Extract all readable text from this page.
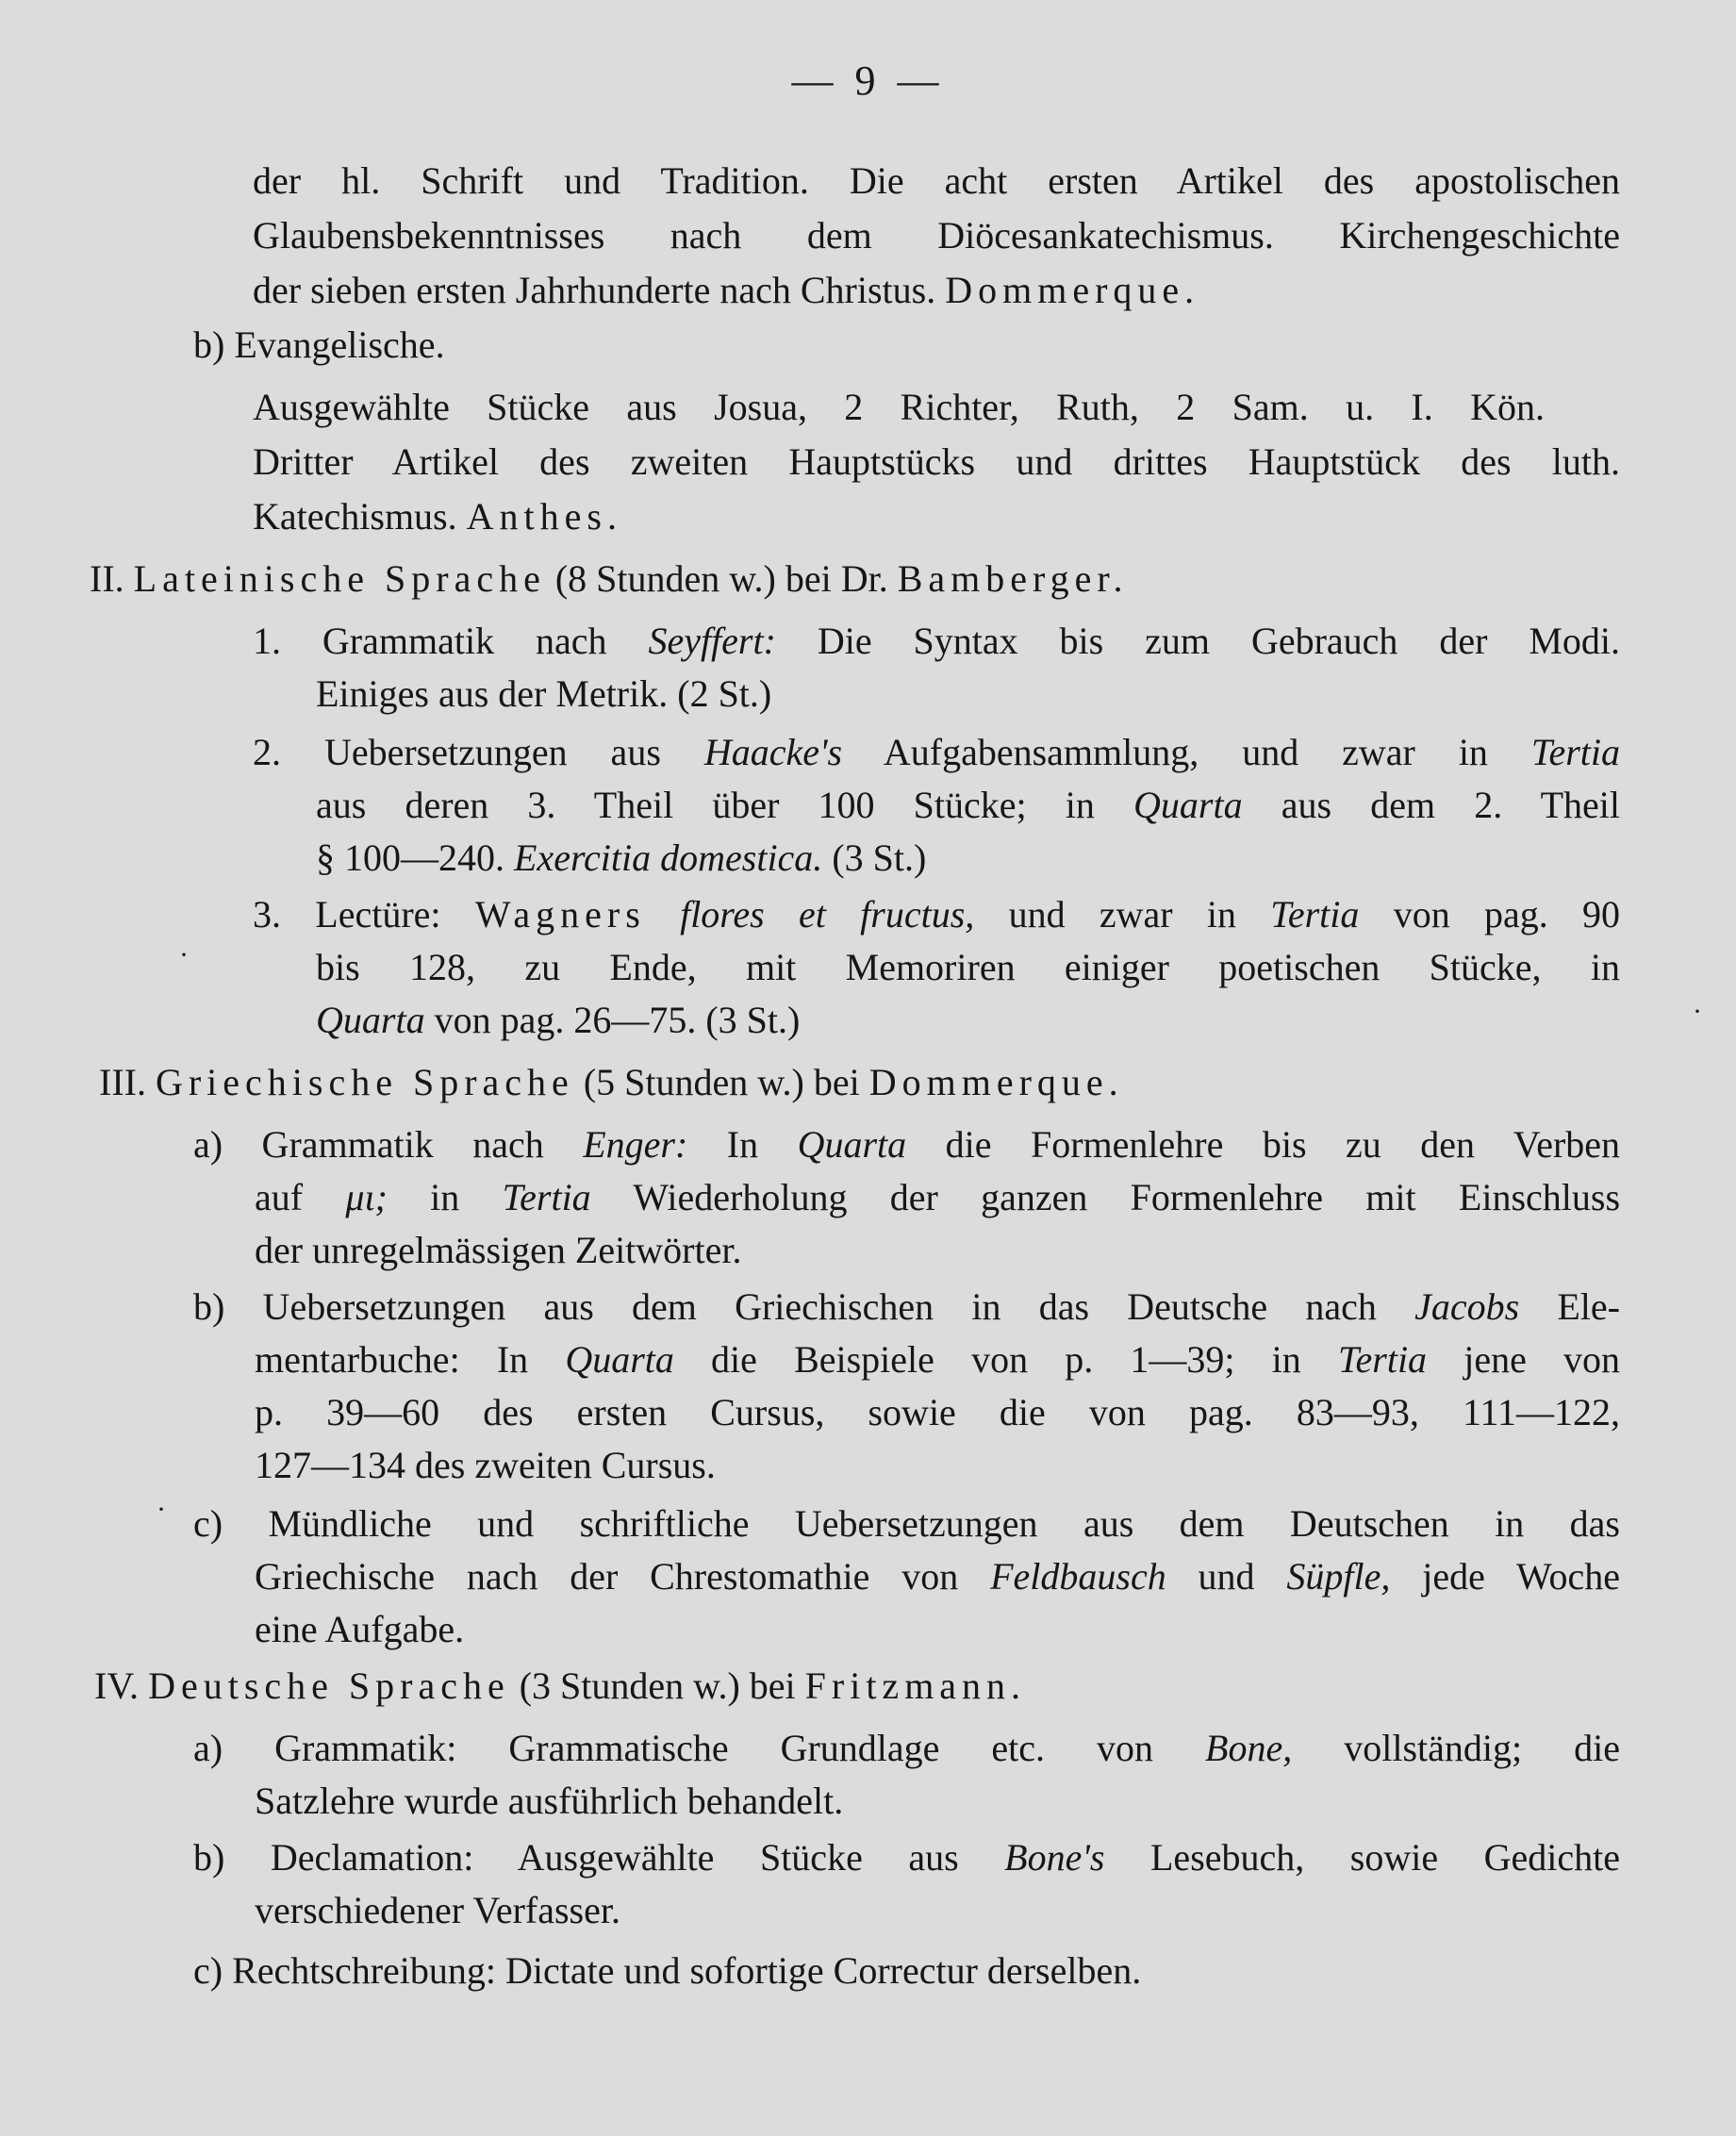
— 9 —
der hl. Schrift und Tradition. Die acht ersten Artikel des apostolischen
Glaubensbekenntnisses nach dem Diöcesankatechismus. Kirchengeschichte
der sieben ersten Jahrhunderte nach Christus. Dommerque.
b) Evangelische.
Ausgewählte Stücke aus Josua, 2 Richter, Ruth, 2 Sam. u. I. Kön.
Dritter Artikel des zweiten Hauptstücks und drittes Hauptstück des luth.
Katechismus. Anthes.
II. Lateinische Sprache (8 Stunden w.) bei Dr. Bamberger.
1. Grammatik nach Seyffert: Die Syntax bis zum Gebrauch der Modi.
Einiges aus der Metrik. (2 St.)
2. Uebersetzungen aus Haacke's Aufgabensammlung, und zwar in Tertia
aus deren 3. Theil über 100 Stücke; in Quarta aus dem 2. Theil
§ 100—240. Exercitia domestica. (3 St.)
3. Lectüre: Wagners flores et fructus, und zwar in Tertia von pag. 90
bis 128, zu Ende, mit Memoriren einiger poetischen Stücke, in
Quarta von pag. 26—75. (3 St.)
III. Griechische Sprache (5 Stunden w.) bei Dommerque.
a) Grammatik nach Enger: In Quarta die Formenlehre bis zu den Verben
auf μι; in Tertia Wiederholung der ganzen Formenlehre mit Einschluss
der unregelmässigen Zeitwörter.
b) Uebersetzungen aus dem Griechischen in das Deutsche nach Jacobs Ele-
mentarbuche: In Quarta die Beispiele von p. 1—39; in Tertia jene von
p. 39—60 des ersten Cursus, sowie die von pag. 83—93, 111—122,
127—134 des zweiten Cursus.
c) Mündliche und schriftliche Uebersetzungen aus dem Deutschen in das
Griechische nach der Chrestomathie von Feldbausch und Süpfle, jede Woche
eine Aufgabe.
IV. Deutsche Sprache (3 Stunden w.) bei Fritzmann.
a) Grammatik: Grammatische Grundlage etc. von Bone, vollständig; die
Satzlehre wurde ausführlich behandelt.
b) Declamation: Ausgewählte Stücke aus Bone's Lesebuch, sowie Gedichte
verschiedener Verfasser.
c) Rechtschreibung: Dictate und sofortige Correctur derselben.
·
·
·
